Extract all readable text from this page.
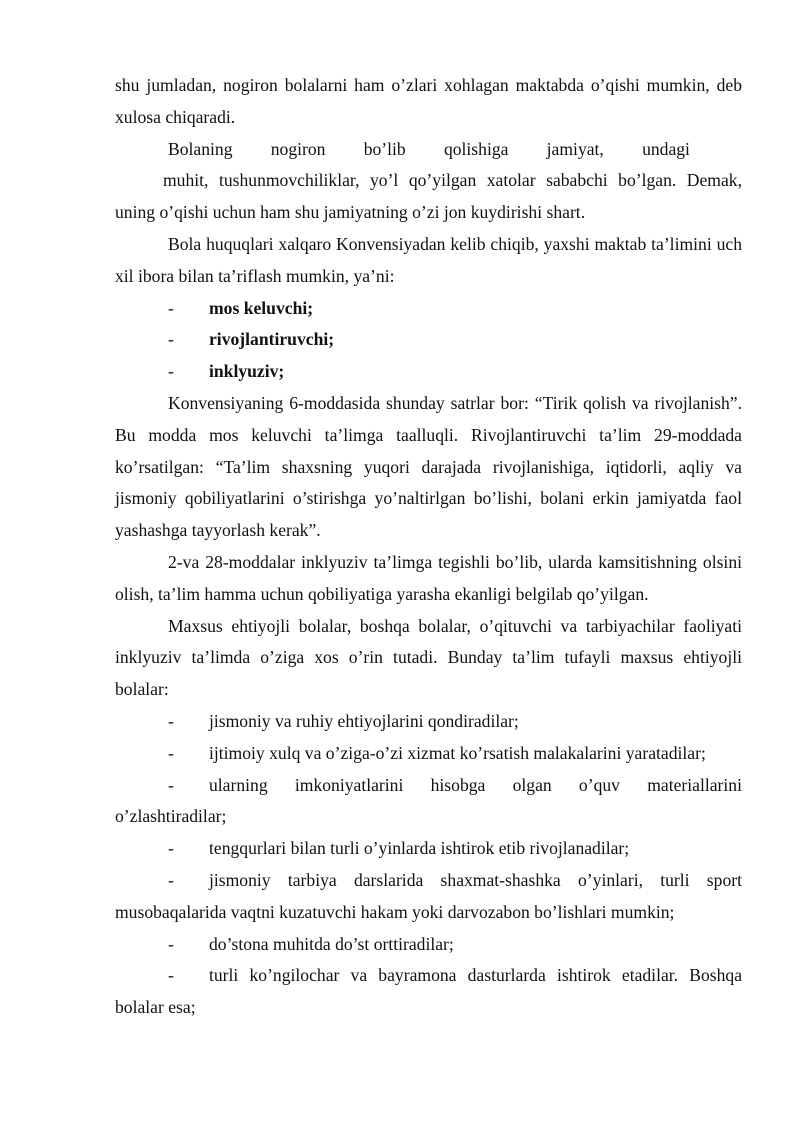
shu jumladan, nogiron bolalarni ham o’zlari xohlagan maktabda o’qishi mumkin, deb xulosa chiqaradi.

Bolaning nogiron bo’lib qolishiga jamiyat, undagi

muhit, tushunmovchiliklar, yo’l qo’yilgan xatolar sababchi bo’lgan. Demak, uning o’qishi uchun ham shu jamiyatning o’zi jon kuydirishi shart.

Bola huquqlari xalqaro Konvensiyadan kelib chiqib, yaxshi maktab ta’limini uch xil ibora bilan ta’riflash mumkin, ya’ni:

- mos keluvchi;
- rivojlantiruvchi;
- inklyuziv;

Konvensiyaning 6-moddasida shunday satrlar bor: “Tirik qolish va rivojlanish”. Bu modda mos keluvchi ta’limga taalluqli. Rivojlantiruvchi ta’lim 29-moddada ko’rsatilgan: “Ta’lim shaxsning yuqori darajada rivojlanishiga, iqtidorli, aqliy va jismoniy qobiliyatlarini o’stirishga yo’naltirlgan bo’lishi, bolani erkin jamiyatda faol yashashga tayyorlash kerak”.

2-va 28-moddalar inklyuziv ta’limga tegishli bo’lib, ularda kamsitishning olsini olish, ta’lim hamma uchun qobiliyatiga yarasha ekanligi belgilab qo’yilgan.

Maxsus ehtiyojli bolalar, boshqa bolalar, o’qituvchi va tarbiyachilar faoliyati inklyuziv ta’limda o’ziga xos o’rin tutadi. Bunday ta’lim tufayli maxsus ehtiyojli bolalar:

- jismoniy va ruhiy ehtiyojlarini qondiradilar;
- ijtimoiy xulq va o’ziga-o’zi xizmat ko’rsatish malakalarini yaratadilar;
- ularning imkoniyatlarini hisobga olgan o’quv materiallarini o’zlashtiradilar;
- tengqurlari bilan turli o’yinlarda ishtirok etib rivojlanadilar;
- jismoniy tarbiya darslarida shaxmat-shashka o’yinlari, turli sport musobaqalarida vaqtni kuzatuvchi hakam yoki darvozabon bo’lishlari mumkin;
- do’stona muhitda do’st orttiradilar;
- turli ko’ngilochar va bayramona dasturlarda ishtirok etadilar. Boshqa bolalar esa;
